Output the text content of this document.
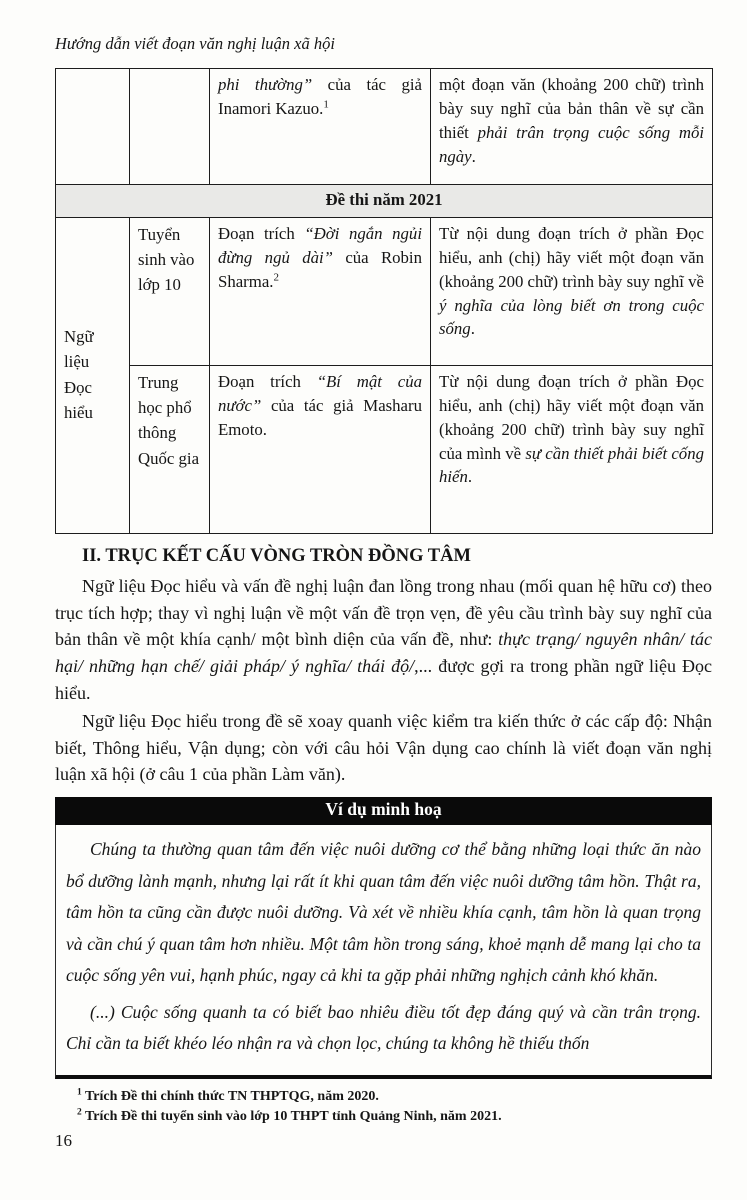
Hướng dẫn viết đoạn văn nghị luận xã hội
		phi thường” của tác giả Inamori Kazuo.$^1$	một đoạn văn (khoảng 200 chữ) trình bày suy nghĩ của bản thân về sự cần thiết phải trân trọng cuộc sống mỗi ngày.
Đề thi năm 2021			
Ngữ liệu Đọc hiểu	Tuyển sinh vào lớp 10	Đoạn trích “Đời ngắn ngủi đừng ngủ dài” của Robin Sharma.$^2$	Từ nội dung đoạn trích ở phần Đọc hiểu, anh (chị) hãy viết một đoạn văn (khoảng 200 chữ) trình bày suy nghĩ về ý nghĩa của lòng biết ơn trong cuộc sống.
	Trung học phổ thông Quốc gia	Đoạn trích “Bí mật của nước” của tác giả Masharu Emoto.	Từ nội dung đoạn trích ở phần Đọc hiểu, anh (chị) hãy viết một đoạn văn (khoảng 200 chữ) trình bày suy nghĩ của mình về sự cần thiết phải biết cống hiến.
II. TRỤC KẾT CẤU VÒNG TRÒN ĐỒNG TÂM

Ngữ liệu Đọc hiểu và vấn đề nghị luận đan lồng trong nhau (mối quan hệ hữu cơ) theo trục tích hợp; thay vì nghị luận về một vấn đề trọn vẹn, đề yêu cầu trình bày suy nghĩ của bản thân về một khía cạnh/ một bình diện của vấn đề, như: thực trạng/ nguyên nhân/ tác hại/ những hạn chế/ giải pháp/ ý nghĩa/ thái độ/,... được gợi ra trong phần ngữ liệu Đọc hiểu.

Ngữ liệu Đọc hiểu trong đề sẽ xoay quanh việc kiểm tra kiến thức ở các cấp độ: Nhận biết, Thông hiểu, Vận dụng; còn với câu hỏi Vận dụng cao chính là viết đoạn văn nghị luận xã hội (ở câu 1 của phần Làm văn).

Ví dụ minh hoạ

Chúng ta thường quan tâm đến việc nuôi dưỡng cơ thể bằng những loại thức ăn nào bổ dưỡng lành mạnh, nhưng lại rất ít khi quan tâm đến việc nuôi dưỡng tâm hồn. Thật ra, tâm hồn ta cũng cần được nuôi dưỡng. Và xét về nhiều khía cạnh, tâm hồn là quan trọng và cần chú ý quan tâm hơn nhiều. Một tâm hồn trong sáng, khoẻ mạnh dễ mang lại cho ta cuộc sống yên vui, hạnh phúc, ngay cả khi ta gặp phải những nghịch cảnh khó khăn.

(...) Cuộc sống quanh ta có biết bao nhiêu điều tốt đẹp đáng quý và cần trân trọng. Chỉ cần ta biết khéo léo nhận ra và chọn lọc, chúng ta không hề thiếu thốn

$^1$ Trích Đề thi chính thức TN THPTQG, năm 2020.

$^2$ Trích Đề thi tuyển sinh vào lớp 10 THPT tỉnh Quảng Ninh, năm 2021.

16
